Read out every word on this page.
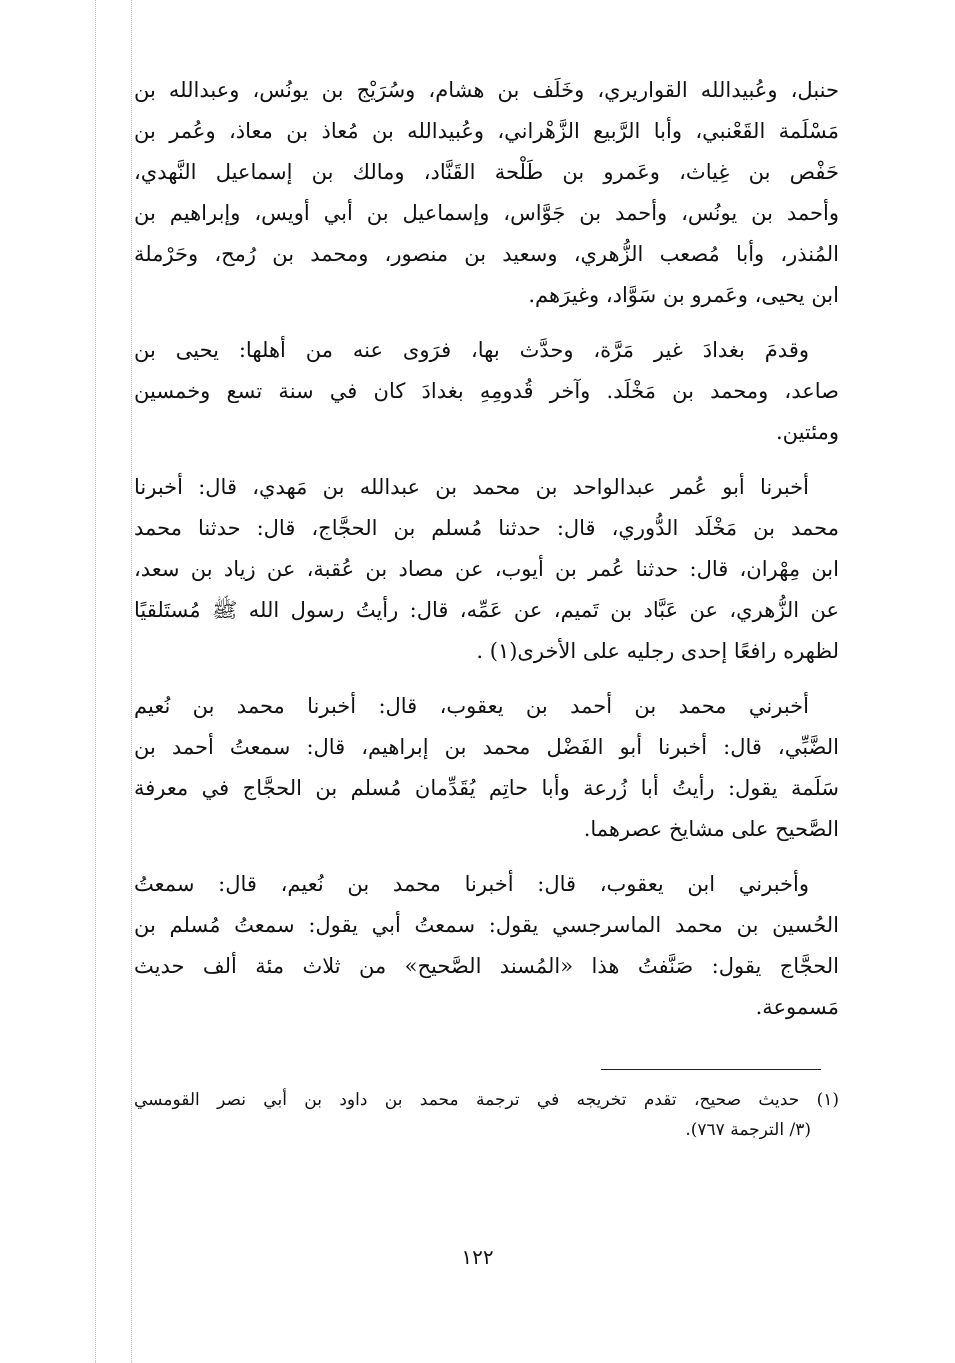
حنبل، وعُبيدالله القواريري، وخَلَف بن هشام، وسُرَيْج بن يونُس، وعبدالله بن
مَسْلَمة القَعْنبي، وأبا الرَّبيع الزَّهْراني، وعُبيدالله بن مُعاذ بن معاذ، وعُمر بن
حَفْص بن غِياث، وعَمرو بن طَلْحة القَنَّاد، ومالك بن إسماعيل النَّهدي،
وأحمد بن يونُس، وأحمد بن جَوَّاس، وإسماعيل بن أبي أويس، وإبراهيم بن
المُنذر، وأبا مُصعب الزُّهري، وسعيد بن منصور، ومحمد بن رُمح، وحَرْملة
ابن يحيى، وعَمرو بن سَوَّاد، وغيرَهم.
وقدمَ بغدادَ غير مَرَّة، وحدَّث بها، فرَوى عنه من أهلها: يحيى بن
صاعد، ومحمد بن مَخْلَد. وآخر قُدومِهِ بغدادَ كان في سنة تسع وخمسين
ومئتين.
أخبرنا أبو عُمر عبدالواحد بن محمد بن عبدالله بن مَهدي، قال: أخبرنا
محمد بن مَخْلَد الدُّوري، قال: حدثنا مُسلم بن الحجَّاج، قال: حدثنا محمد
ابن مِهْران، قال: حدثنا عُمر بن أيوب، عن مصاد بن عُقبة، عن زياد بن سعد،
عن الزُّهري، عن عَبَّاد بن تَميم، عن عَمِّه، قال: رأيتُ رسول الله ﷺ مُستَلقيًا
لظهره رافعًا إحدى رجليه على الأخرى(١) .
أخبرني محمد بن أحمد بن يعقوب، قال: أخبرنا محمد بن نُعيم
الضَّبِّي، قال: أخبرنا أبو الفَضْل محمد بن إبراهيم، قال: سمعتُ أحمد بن
سَلَمة يقول: رأيتُ أبا زُرعة وأبا حاتِم يُقَدِّمان مُسلم بن الحجَّاج في معرفة
الصَّحيح على مشايخ عصرهما.
وأخبرني ابن يعقوب، قال: أخبرنا محمد بن نُعيم، قال: سمعتُ
الحُسين بن محمد الماسرجسي يقول: سمعتُ أبي يقول: سمعتُ مُسلم بن
الحجَّاج يقول: صَنَّفتُ هذا «المُسند الصَّحيح» من ثلاث مئة ألف حديث
مَسموعة.
(١) حديث صحيح، تقدم تخريجه في ترجمة محمد بن داود بن أبي نصر القومسي
(٣/ الترجمة ٧٦٧).
١٢٢
